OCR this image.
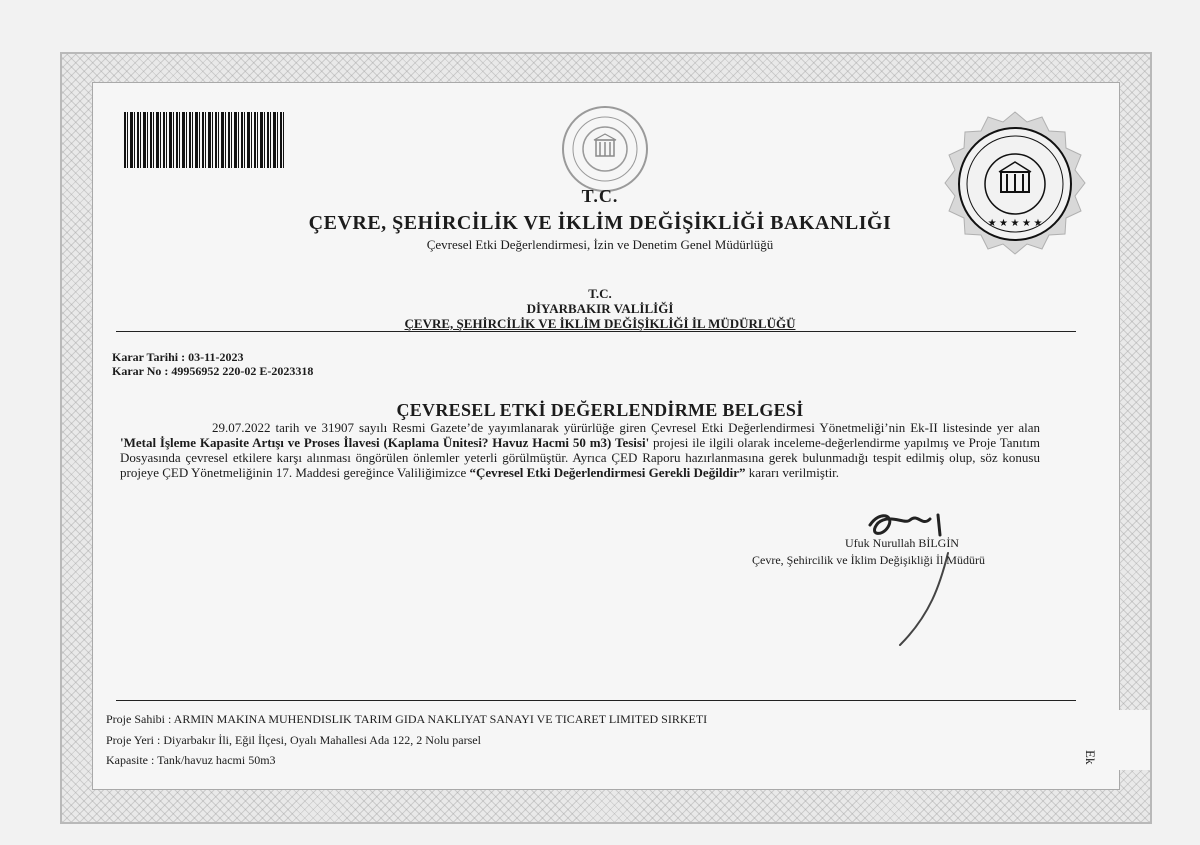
★ ★ ★ ★ ★
T.C.
ÇEVRE, ŞEHİRCİLİK VE İKLİM DEĞİŞİKLİĞİ BAKANLIĞI
Çevresel Etki Değerlendirmesi, İzin ve Denetim Genel Müdürlüğü
T.C.
DİYARBAKIR VALİLİĞİ
ÇEVRE, ŞEHİRCİLİK VE İKLİM DEĞİŞİKLİĞİ İL MÜDÜRLÜĞÜ
Karar Tarihi : 03-11-2023
Karar No : 49956952 220-02 E-2023318
ÇEVRESEL ETKİ DEĞERLENDİRME BELGESİ
29.07.2022 tarih ve 31907 sayılı Resmi Gazete’de yayımlanarak yürürlüğe giren Çevresel Etki Değerlendirmesi Yönetmeliği’nin Ek-II listesinde yer alan 'Metal İşleme Kapasite Artışı ve Proses İlavesi (Kaplama Ünitesi? Havuz Hacmi 50 m3) Tesisi' projesi ile ilgili olarak inceleme-değerlendirme yapılmış ve Proje Tanıtım Dosyasında çevresel etkilere karşı alınması öngörülen önlemler yeterli görülmüştür. Ayrıca ÇED Raporu hazırlanmasına gerek bulunmadığı tespit edilmiş olup, söz konusu projeye ÇED Yönetmeliğinin 17. Maddesi gereğince Valiliğimizce “Çevresel Etki Değerlendirmesi Gerekli Değildir” kararı verilmiştir.
Ufuk Nurullah BİLGİN
Çevre, Şehircilik ve İklim Değişikliği İl Müdürü
Proje Sahibi : ARMIN MAKINA MUHENDISLIK TARIM GIDA NAKLIYAT SANAYI VE TICARET LIMITED SIRKETI
Proje Yeri : Diyarbakır İli, Eğil İlçesi, Oyalı Mahallesi Ada 122, 2 Nolu parsel
Kapasite : Tank/havuz hacmi 50m3	Ek
